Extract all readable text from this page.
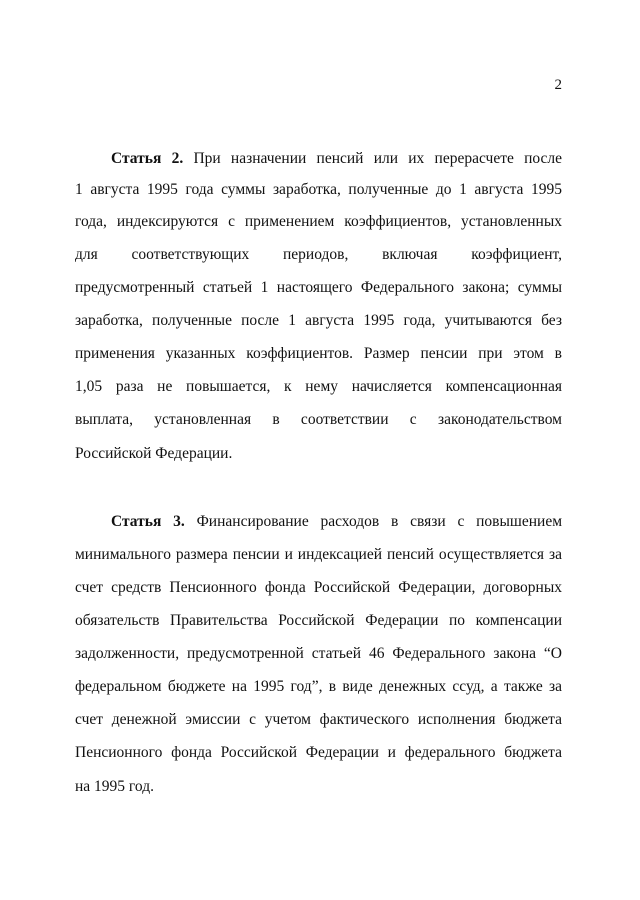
2
Статья 2. При назначении пенсий или их перерасчете после
1 августа 1995 года суммы заработка, полученные до 1 августа 1995
года, индексируются с применением коэффициентов, установленных
для соответствующих периодов, включая коэффициент,
предусмотренный статьей 1 настоящего Федерального закона; суммы
заработка, полученные после 1 августа 1995 года, учитываются без
применения указанных коэффициентов. Размер пенсии при этом в
1,05 раза не повышается, к нему начисляется компенсационная
выплата, установленная в соответствии с законодательством
Российской Федерации.
Статья 3. Финансирование расходов в связи с повышением
минимального размера пенсии и индексацией пенсий осуществляется за
счет средств Пенсионного фонда Российской Федерации, договорных
обязательств Правительства Российской Федерации по компенсации
задолженности, предусмотренной статьей 46 Федерального закона “О
федеральном бюджете на 1995 год”, в виде денежных ссуд, а также за
счет денежной эмиссии с учетом фактического исполнения бюджета
Пенсионного фонда Российской Федерации и федерального бюджета
на 1995 год.
